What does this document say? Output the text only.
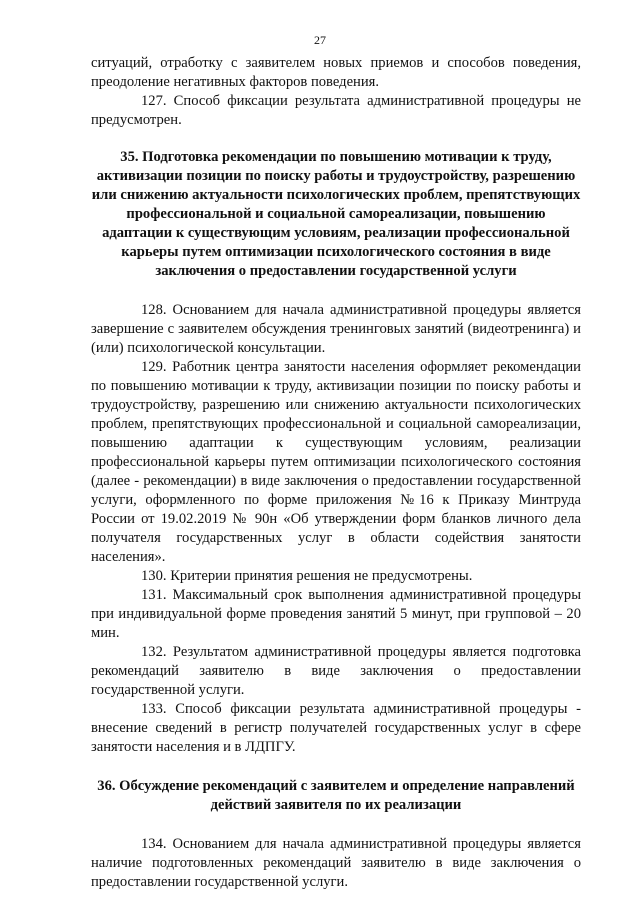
27

ситуаций, отработку с заявителем новых приемов и способов поведения, преодоление негативных факторов поведения.

127. Способ фиксации результата административной процедуры не предусмотрен.

35. Подготовка рекомендации по повышению мотивации к труду, активизации позиции по поиску работы и трудоустройству, разрешению или снижению актуальности психологических проблем, препятствующих профессиональной и социальной самореализации, повышению адаптации к существующим условиям, реализации профессиональной карьеры путем оптимизации психологического состояния в виде заключения о предоставлении государственной услуги

128. Основанием для начала административной процедуры является завершение с заявителем обсуждения тренинговых занятий (видеотренинга) и (или) психологической консультации.

129. Работник центра занятости населения оформляет рекомендации по повышению мотивации к труду, активизации позиции по поиску работы и трудоустройству, разрешению или снижению актуальности психологических проблем, препятствующих профессиональной и социальной самореализации, повышению адаптации к существующим условиям, реализации профессиональной карьеры путем оптимизации психологического состояния (далее - рекомендации) в виде заключения о предоставлении государственной услуги, оформленного по форме приложения №16 к Приказу Минтруда России от 19.02.2019 № 90н «Об утверждении форм бланков личного дела получателя государственных услуг в области содействия занятости населения».

130. Критерии принятия решения не предусмотрены.

131. Максимальный срок выполнения административной процедуры при индивидуальной форме проведения занятий 5 минут, при групповой – 20 мин.

132. Результатом административной процедуры является подготовка рекомендаций заявителю в виде заключения о предоставлении государственной услуги.

133. Способ фиксации результата административной процедуры - внесение сведений в регистр получателей государственных услуг в сфере занятости населения и в ЛДПГУ.

36. Обсуждение рекомендаций с заявителем и определение направлений действий заявителя по их реализации

134. Основанием для начала административной процедуры является наличие подготовленных рекомендаций заявителю в виде заключения о предоставлении государственной услуги.
